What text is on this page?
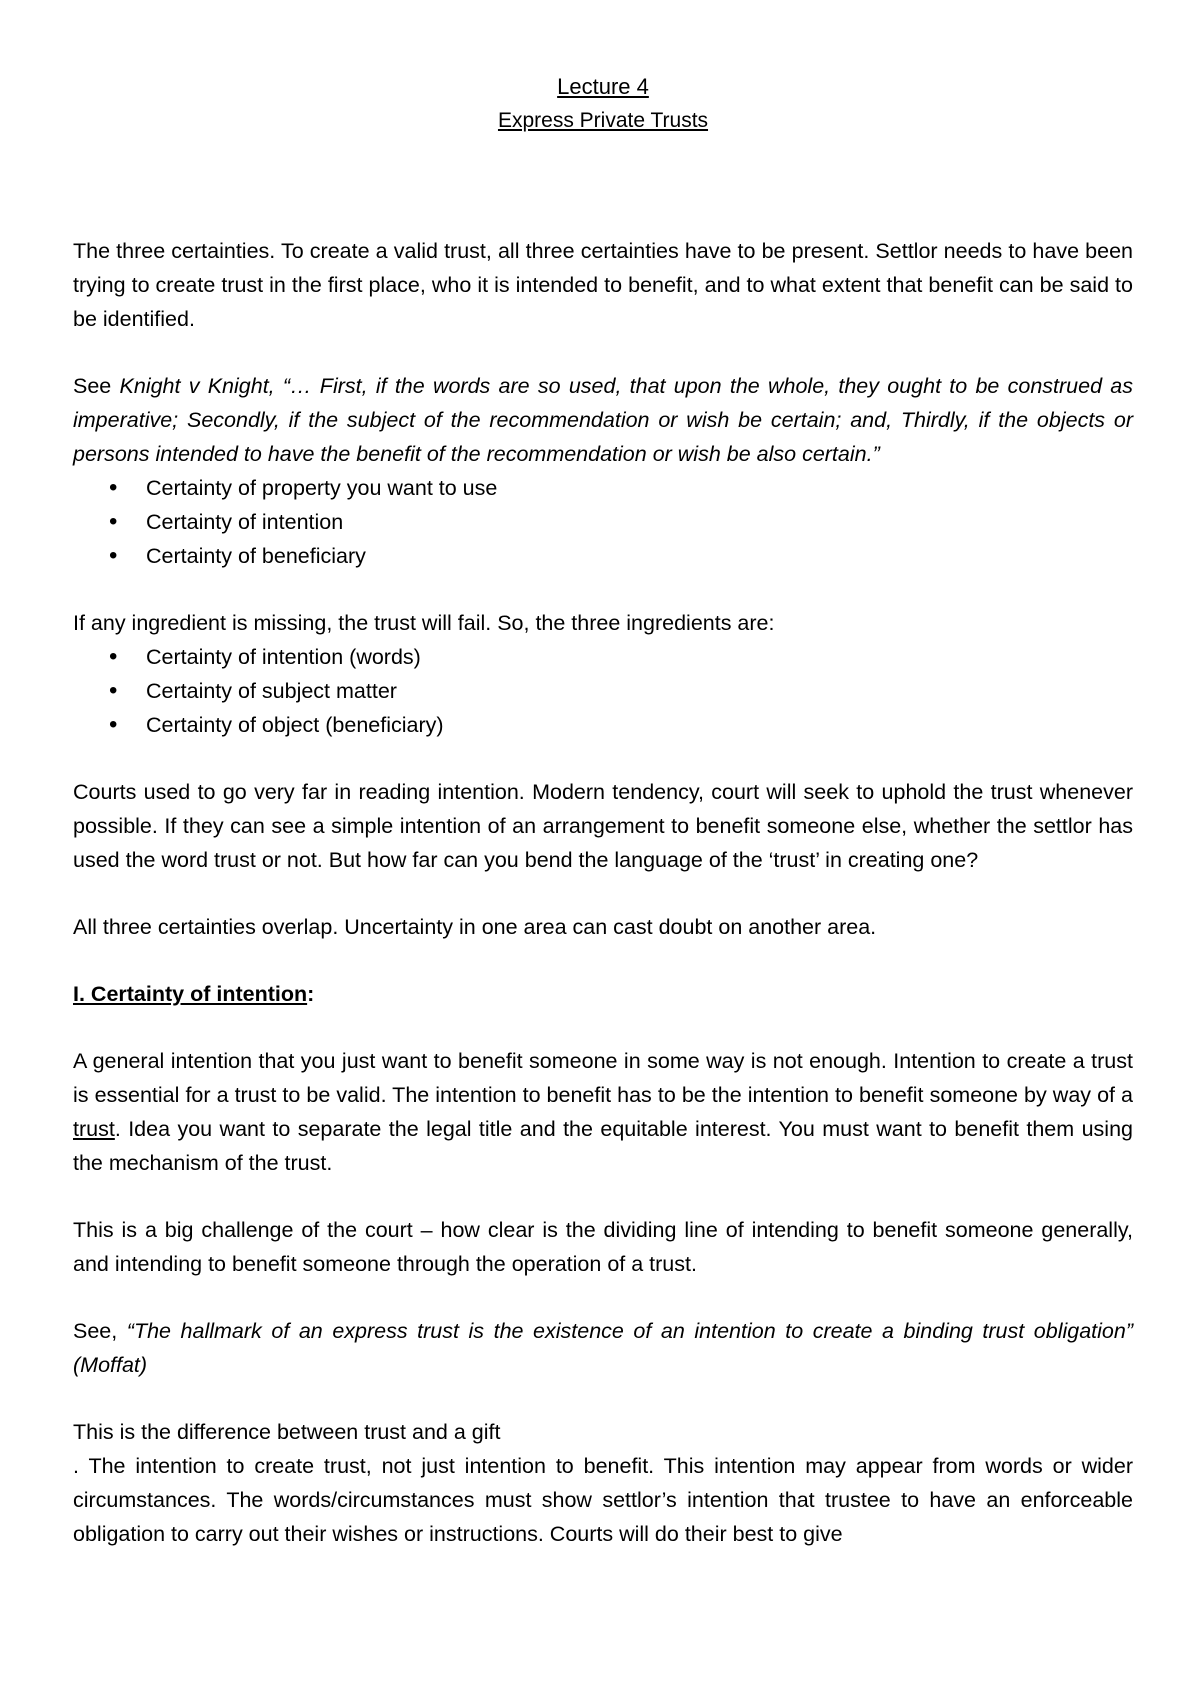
Lecture 4
Express Private Trusts

The three certainties. To create a valid trust, all three certainties have to be present. Settlor needs to have been trying to create trust in the first place, who it is intended to benefit, and to what extent that benefit can be said to be identified.

See Knight v Knight, “… First, if the words are so used, that upon the whole, they ought to be construed as imperative; Secondly, if the subject of the recommendation or wish be certain; and, Thirdly, if the objects or persons intended to have the benefit of the recommendation or wish be also certain.”

• Certainty of property you want to use
• Certainty of intention
• Certainty of beneficiary

If any ingredient is missing, the trust will fail. So, the three ingredients are:

• Certainty of intention (words)
• Certainty of subject matter
• Certainty of object (beneficiary)

Courts used to go very far in reading intention. Modern tendency, court will seek to uphold the trust whenever possible. If they can see a simple intention of an arrangement to benefit someone else, whether the settlor has used the word trust or not. But how far can you bend the language of the ‘trust’ in creating one?

All three certainties overlap. Uncertainty in one area can cast doubt on another area.

I. Certainty of intention:

A general intention that you just want to benefit someone in some way is not enough. Intention to create a trust is essential for a trust to be valid. The intention to benefit has to be the intention to benefit someone by way of a trust. Idea you want to separate the legal title and the equitable interest. You must want to benefit them using the mechanism of the trust.

This is a big challenge of the court – how clear is the dividing line of intending to benefit someone generally, and intending to benefit someone through the operation of a trust.

See, “The hallmark of an express trust is the existence of an intention to create a binding trust obligation” (Moffat)

This is the difference between trust and a gift

. The intention to create trust, not just intention to benefit. This intention may appear from words or wider circumstances. The words/circumstances must show settlor’s intention that trustee to have an enforceable obligation to carry out their wishes or instructions. Courts will do their best to give
